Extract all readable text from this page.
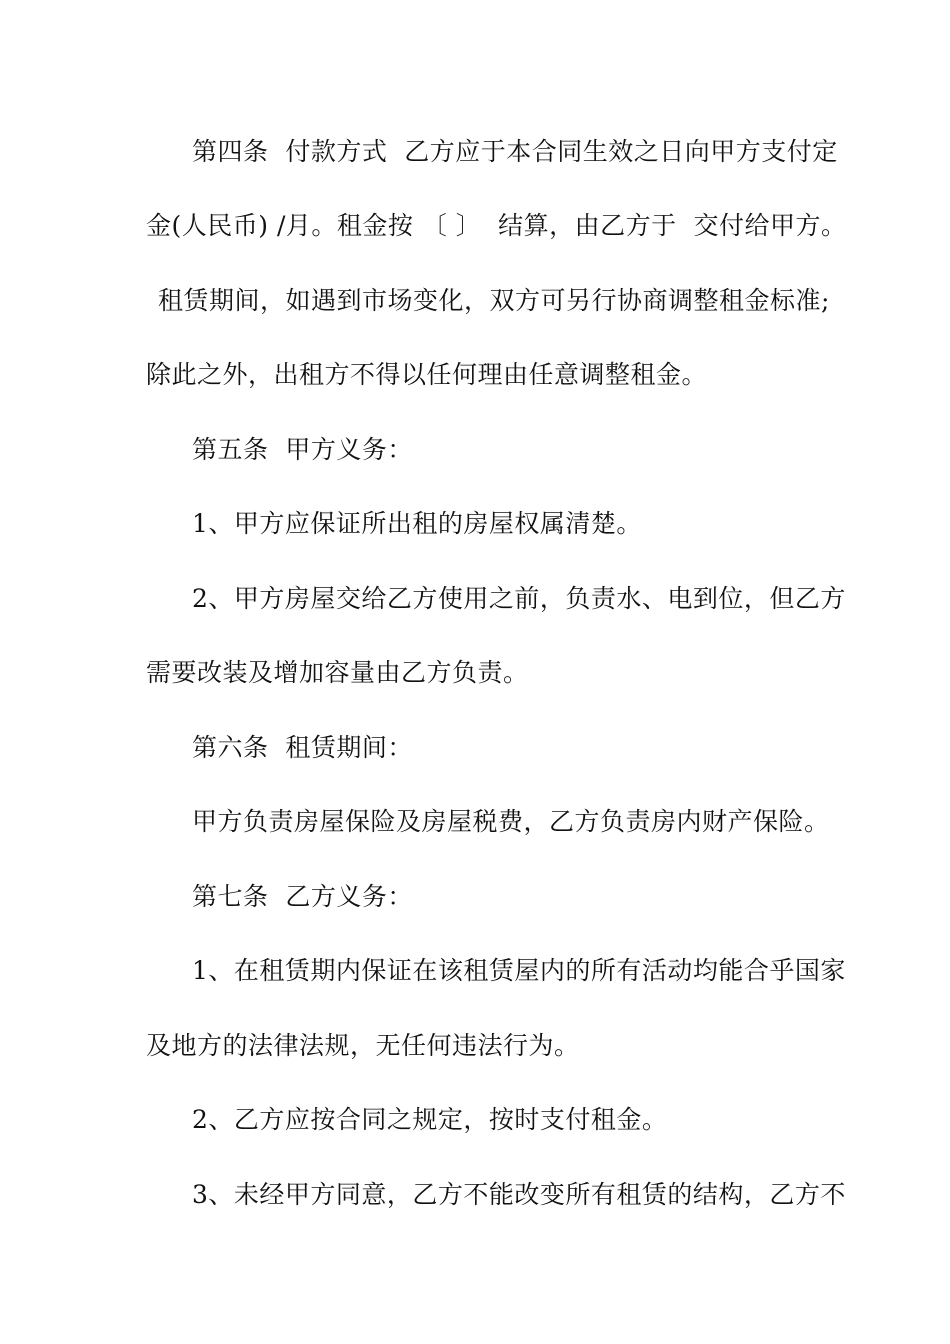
第四条  付款方式  乙方应于本合同生效之日向甲方支付定
金(人民币) /月。租金按 〔 〕  结算，由乙方于  交付给甲方。
租赁期间，如遇到市场变化，双方可另行协商调整租金标准;
除此之外，出租方不得以任何理由任意调整租金。
第五条  甲方义务：
1、甲方应保证所出租的房屋权属清楚。
2、甲方房屋交给乙方使用之前，负责水、电到位，但乙方
需要改装及增加容量由乙方负责。
第六条  租赁期间：
甲方负责房屋保险及房屋税费，乙方负责房内财产保险。
第七条  乙方义务：
1、在租赁期内保证在该租赁屋内的所有活动均能合乎国家
及地方的法律法规，无任何违法行为。
2、乙方应按合同之规定，按时支付租金。
3、未经甲方同意，乙方不能改变所有租赁的结构，乙方不
